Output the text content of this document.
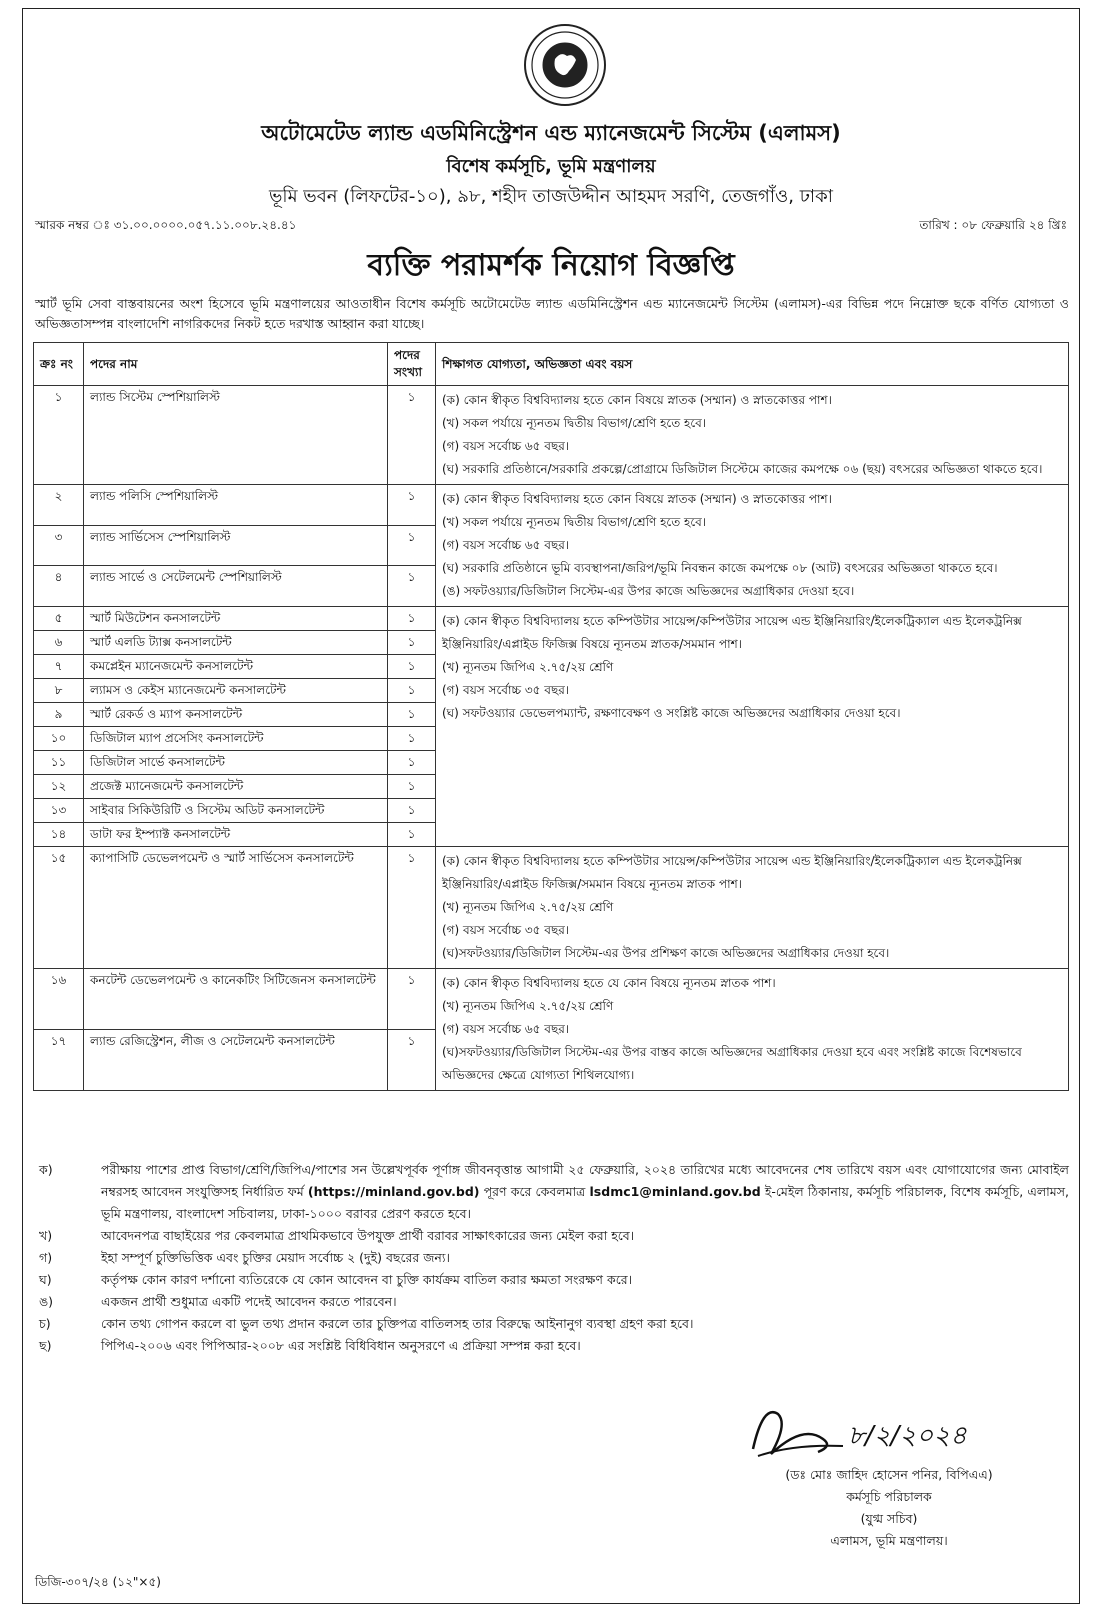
অটোমেটেড ল্যান্ড এডমিনিস্ট্রেশন এন্ড ম্যানেজমেন্ট সিস্টেম (এলামস)
বিশেষ কর্মসূচি, ভূমি মন্ত্রণালয়
ভূমি ভবন (লিফটের-১০), ৯৮, শহীদ তাজউদ্দীন আহমদ সরণি, তেজগাঁও, ঢাকা
স্মারক নম্বর ঃ ৩১.০০.০০০০.০৫৭.১১.০০৮.২৪.৪১	তারিখ : ০৮ ফেব্রুয়ারি ২৪ খ্রিঃ
ব্যক্তি পরামর্শক নিয়োগ বিজ্ঞপ্তি
স্মার্ট ভূমি সেবা বাস্তবায়নের অংশ হিসেবে ভূমি মন্ত্রণালয়ের আওতাধীন বিশেষ কর্মসূচি অটোমেটেড ল্যান্ড এডমিনিস্ট্রেশন এন্ড ম্যানেজমেন্ট সিস্টেম (এলামস)-এর বিভিন্ন পদে নিম্নোক্ত ছকে বর্ণিত যোগ্যতা ও অভিজ্ঞতাসম্পন্ন বাংলাদেশি নাগরিকদের নিকট হতে দরখাস্ত আহ্বান করা যাচ্ছে।
ক্রঃ নং	পদের নাম	পদের সংখ্যা	শিক্ষাগত যোগ্যতা, অভিজ্ঞতা এবং বয়স
১	ল্যান্ড সিস্টেম স্পেশিয়ালিস্ট	১	(ক) কোন স্বীকৃত বিশ্ববিদ্যালয় হতে কোন বিষয়ে স্নাতক (সম্মান) ও স্নাতকোত্তর পাশ।
(খ) সকল পর্যায়ে ন্যূনতম দ্বিতীয় বিভাগ/শ্রেণি হতে হবে।
(গ) বয়স সর্বোচ্চ ৬৫ বছর।
(ঘ) সরকারি প্রতিষ্ঠানে/সরকারি প্রকল্পে/প্রোগ্রামে ডিজিটাল সিস্টেমে কাজের কমপক্ষে ০৬ (ছয়) বৎসরের অভিজ্ঞতা থাকতে হবে।

২	ল্যান্ড পলিসি স্পেশিয়ালিস্ট	১	(ক) কোন স্বীকৃত বিশ্ববিদ্যালয় হতে কোন বিষয়ে স্নাতক (সম্মান) ও স্নাতকোত্তর পাশ।
(খ) সকল পর্যায়ে ন্যূনতম দ্বিতীয় বিভাগ/শ্রেণি হতে হবে।
(গ) বয়স সর্বোচ্চ ৬৫ বছর।
(ঘ) সরকারি প্রতিষ্ঠানে ভূমি ব্যবস্থাপনা/জরিপ/ভূমি নিবন্ধন কাজে কমপক্ষে ০৮ (আট) বৎসরের অভিজ্ঞতা থাকতে হবে।
(ঙ) সফটওয়্যার/ডিজিটাল সিস্টেম-এর উপর কাজে অভিজ্ঞদের অগ্রাধিকার দেওয়া হবে।

৩	ল্যান্ড সার্ভিসেস স্পেশিয়ালিস্ট	১	
৪	ল্যান্ড সার্ভে ও সেটেলমেন্ট স্পেশিয়ালিস্ট	১	
৫	স্মার্ট মিউটেশন কনসালটেন্ট	১	(ক) কোন স্বীকৃত বিশ্ববিদ্যালয় হতে কম্পিউটার সায়েন্স/কম্পিউটার সায়েন্স এন্ড ইঞ্জিনিয়ারিং/ইলেকট্রিক্যাল এন্ড ইলেকট্রনিক্স ইঞ্জিনিয়ারিং/এপ্লাইড ফিজিক্স বিষয়ে ন্যূনতম স্নাতক/সমমান পাশ।
(খ) ন্যূনতম জিপিএ ২.৭৫/২য় শ্রেণি
(গ) বয়স সর্বোচ্চ ৩৫ বছর।
(ঘ) সফটওয়্যার ডেভেলপম্যান্ট, রক্ষণাবেক্ষণ ও সংশ্লিষ্ট কাজে অভিজ্ঞদের অগ্রাধিকার দেওয়া হবে।

৬	স্মার্ট এলডি ট্যাক্স কনসালটেন্ট	১	
৭	কমপ্লেইন ম্যানেজমেন্ট কনসালটেন্ট	১	
৮	ল্যামস ও কেইস ম্যানেজমেন্ট কনসালটেন্ট	১	
৯	স্মার্ট রেকর্ড ও ম্যাপ কনসালটেন্ট	১	
১০	ডিজিটাল ম্যাপ প্রসেসিং কনসালটেন্ট	১	
১১	ডিজিটাল সার্ভে কনসালটেন্ট	১	
১২	প্রজেক্ট ম্যানেজমেন্ট কনসালটেন্ট	১	
১৩	সাইবার সিকিউরিটি ও সিস্টেম অডিট কনসালটেন্ট	১	
১৪	ডাটা ফর ইম্প্যাক্ট কনসালটেন্ট	১	
১৫	ক্যাপাসিটি ডেভেলপমেন্ট ও স্মার্ট সার্ভিসেস কনসালটেন্ট	১	(ক) কোন স্বীকৃত বিশ্ববিদ্যালয় হতে কম্পিউটার সায়েন্স/কম্পিউটার সায়েন্স এন্ড ইঞ্জিনিয়ারিং/ইলেকট্রিক্যাল এন্ড ইলেকট্রনিক্স ইঞ্জিনিয়ারিং/এপ্লাইড ফিজিক্স/সমমান বিষয়ে ন্যূনতম স্নাতক পাশ।
(খ) ন্যূনতম জিপিএ ২.৭৫/২য় শ্রেণি
(গ) বয়স সর্বোচ্চ ৩৫ বছর।
(ঘ)সফটওয়্যার/ডিজিটাল সিস্টেম-এর উপর প্রশিক্ষণ কাজে অভিজ্ঞদের অগ্রাধিকার দেওয়া হবে।

১৬	কনটেন্ট ডেভেলপমেন্ট ও কানেকটিং সিটিজেনস কনসালটেন্ট	১	(ক) কোন স্বীকৃত বিশ্ববিদ্যালয় হতে যে কোন বিষয়ে ন্যূনতম স্নাতক পাশ।
(খ) ন্যূনতম জিপিএ ২.৭৫/২য় শ্রেণি
(গ) বয়স সর্বোচ্চ ৬৫ বছর।
(ঘ)সফটওয়্যার/ডিজিটাল সিস্টেম-এর উপর বাস্তব কাজে অভিজ্ঞদের অগ্রাধিকার দেওয়া হবে এবং সংশ্লিষ্ট কাজে বিশেষভাবে অভিজ্ঞদের ক্ষেত্রে যোগ্যতা শিথিলযোগ্য।

১৭	ল্যান্ড রেজিস্ট্রেশন, লীজ ও সেটেলমেন্ট কনসালটেন্ট	১	
ক)	পরীক্ষায় পাশের প্রাপ্ত বিভাগ/শ্রেণি/জিপিএ/পাশের সন উল্লেখপূর্বক পূর্ণাঙ্গ জীবনবৃত্তান্ত আগামী ২৫ ফেব্রুয়ারি, ২০২৪ তারিখের মধ্যে আবেদনের শেষ তারিখে বয়স এবং যোগাযোগের জন্য মোবাইল নম্বরসহ আবেদন সংযুক্তিসহ নির্ধারিত ফর্ম (https://minland.gov.bd) পূরণ করে কেবলমাত্র lsdmc1@minland.gov.bd ই-মেইল ঠিকানায়, কর্মসূচি পরিচালক, বিশেষ কর্মসূচি, এলামস, ভূমি মন্ত্রণালয়, বাংলাদেশ সচিবালয়, ঢাকা-১০০০ বরাবর প্রেরণ করতে হবে।
খ)	আবেদনপত্র বাছাইয়ের পর কেবলমাত্র প্রাথমিকভাবে উপযুক্ত প্রার্থী বরাবর সাক্ষাৎকারের জন্য মেইল করা হবে।
গ)	ইহা সম্পূর্ণ চুক্তিভিত্তিক এবং চুক্তির মেয়াদ সর্বোচ্চ ২ (দুই) বছরের জন্য।
ঘ)	কর্তৃপক্ষ কোন কারণ দর্শানো ব্যতিরেকে যে কোন আবেদন বা চুক্তি কার্যক্রম বাতিল করার ক্ষমতা সংরক্ষণ করে।
ঙ)	একজন প্রার্থী শুধুমাত্র একটি পদেই আবেদন করতে পারবেন।
চ)	কোন তথ্য গোপন করলে বা ভুল তথ্য প্রদান করলে তার চুক্তিপত্র বাতিলসহ তার বিরুদ্ধে আইনানুগ ব্যবস্থা গ্রহণ করা হবে।
ছ)	পিপিএ-২০০৬ এবং পিপিআর-২০০৮ এর সংশ্লিষ্ট বিধিবিধান অনুসরণে এ প্রক্রিয়া সম্পন্ন করা হবে।
৮/২/২০২৪
(ডঃ মোঃ জাহিদ হোসেন পনির, বিপিএএ)
কর্মসূচি পরিচালক
(যুগ্ম সচিব)
এলামস, ভূমি মন্ত্রণালয়।
ডিজি-৩০৭/২৪ (১২"×৫)
